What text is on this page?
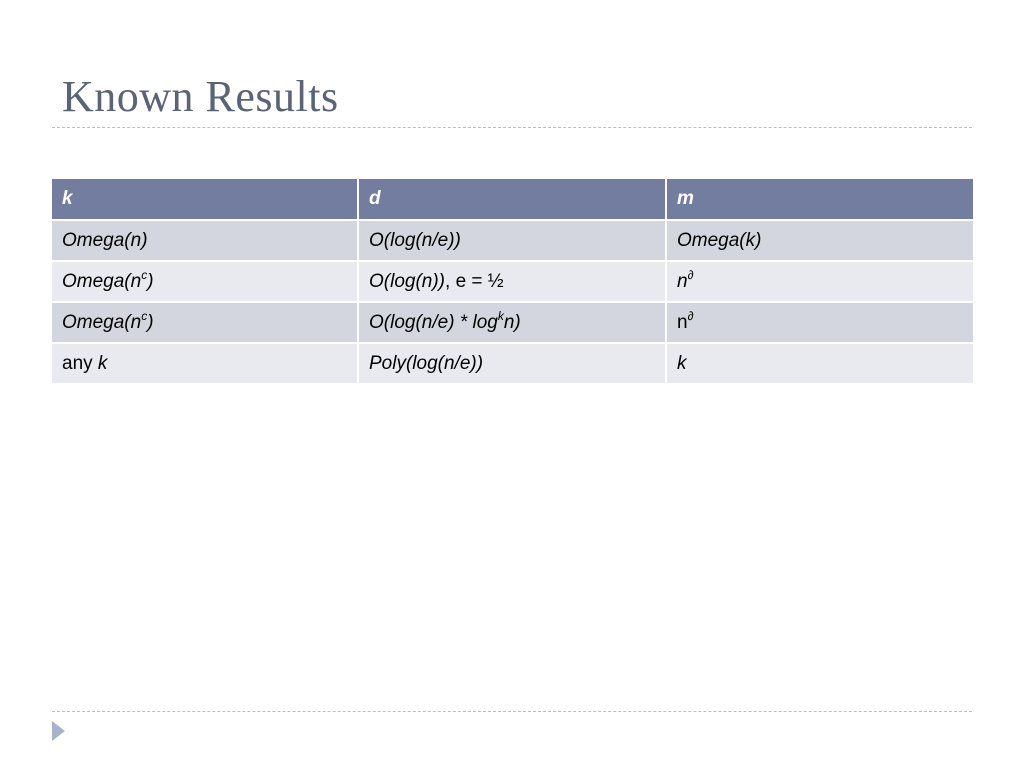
Known Results
k	d	m
Omega(n)	O(log(n/e))	Omega(k)
$Omega(n^c)$	O(log(n)), e = ½	n∂
$Omega(n^c)$	$O(\log(n/e) * \log^kn)$	n∂
any k	Poly(log(n/e))	k
